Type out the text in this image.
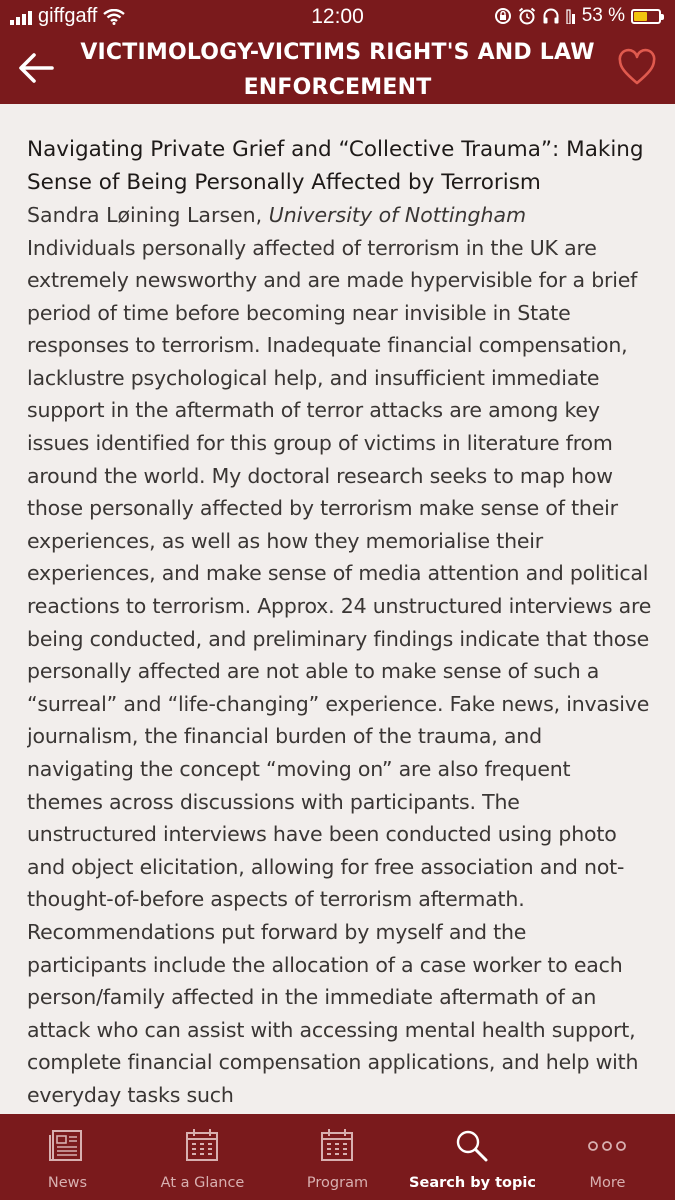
giffgaff	12:00	53 %
VICTIMOLOGY-VICTIMS RIGHT'S AND LAW ENFORCEMENT
Navigating Private Grief and “Collective Trauma”: Making Sense of Being Personally Affected by Terrorism
Sandra Løining Larsen, University of Nottingham
Individuals personally affected of terrorism in the UK are extremely newsworthy and are made hypervisible for a brief period of time before becoming near invisible in State responses to terrorism. Inadequate financial compensation, lacklustre psychological help, and insufficient immediate support in the aftermath of terror attacks are among key issues identified for this group of victims in literature from around the world. My doctoral research seeks to map how those personally affected by terrorism make sense of their experiences, as well as how they memorialise their experiences, and make sense of media attention and political reactions to terrorism. Approx. 24 unstructured interviews are being conducted, and preliminary findings indicate that those personally affected are not able to make sense of such a “surreal” and “life-changing” experience. Fake news, invasive journalism, the financial burden of the trauma, and navigating the concept “moving on” are also frequent themes across discussions with participants. The unstructured interviews have been conducted using photo and object elicitation, allowing for free association and not-thought-of-before aspects of terrorism aftermath. Recommendations put forward by myself and the participants include the allocation of a case worker to each person/family affected in the immediate aftermath of an attack who can assist with accessing mental health support, complete financial compensation applications, and help with everyday tasks such
News	At a Glance	Program	Search by topic	More
